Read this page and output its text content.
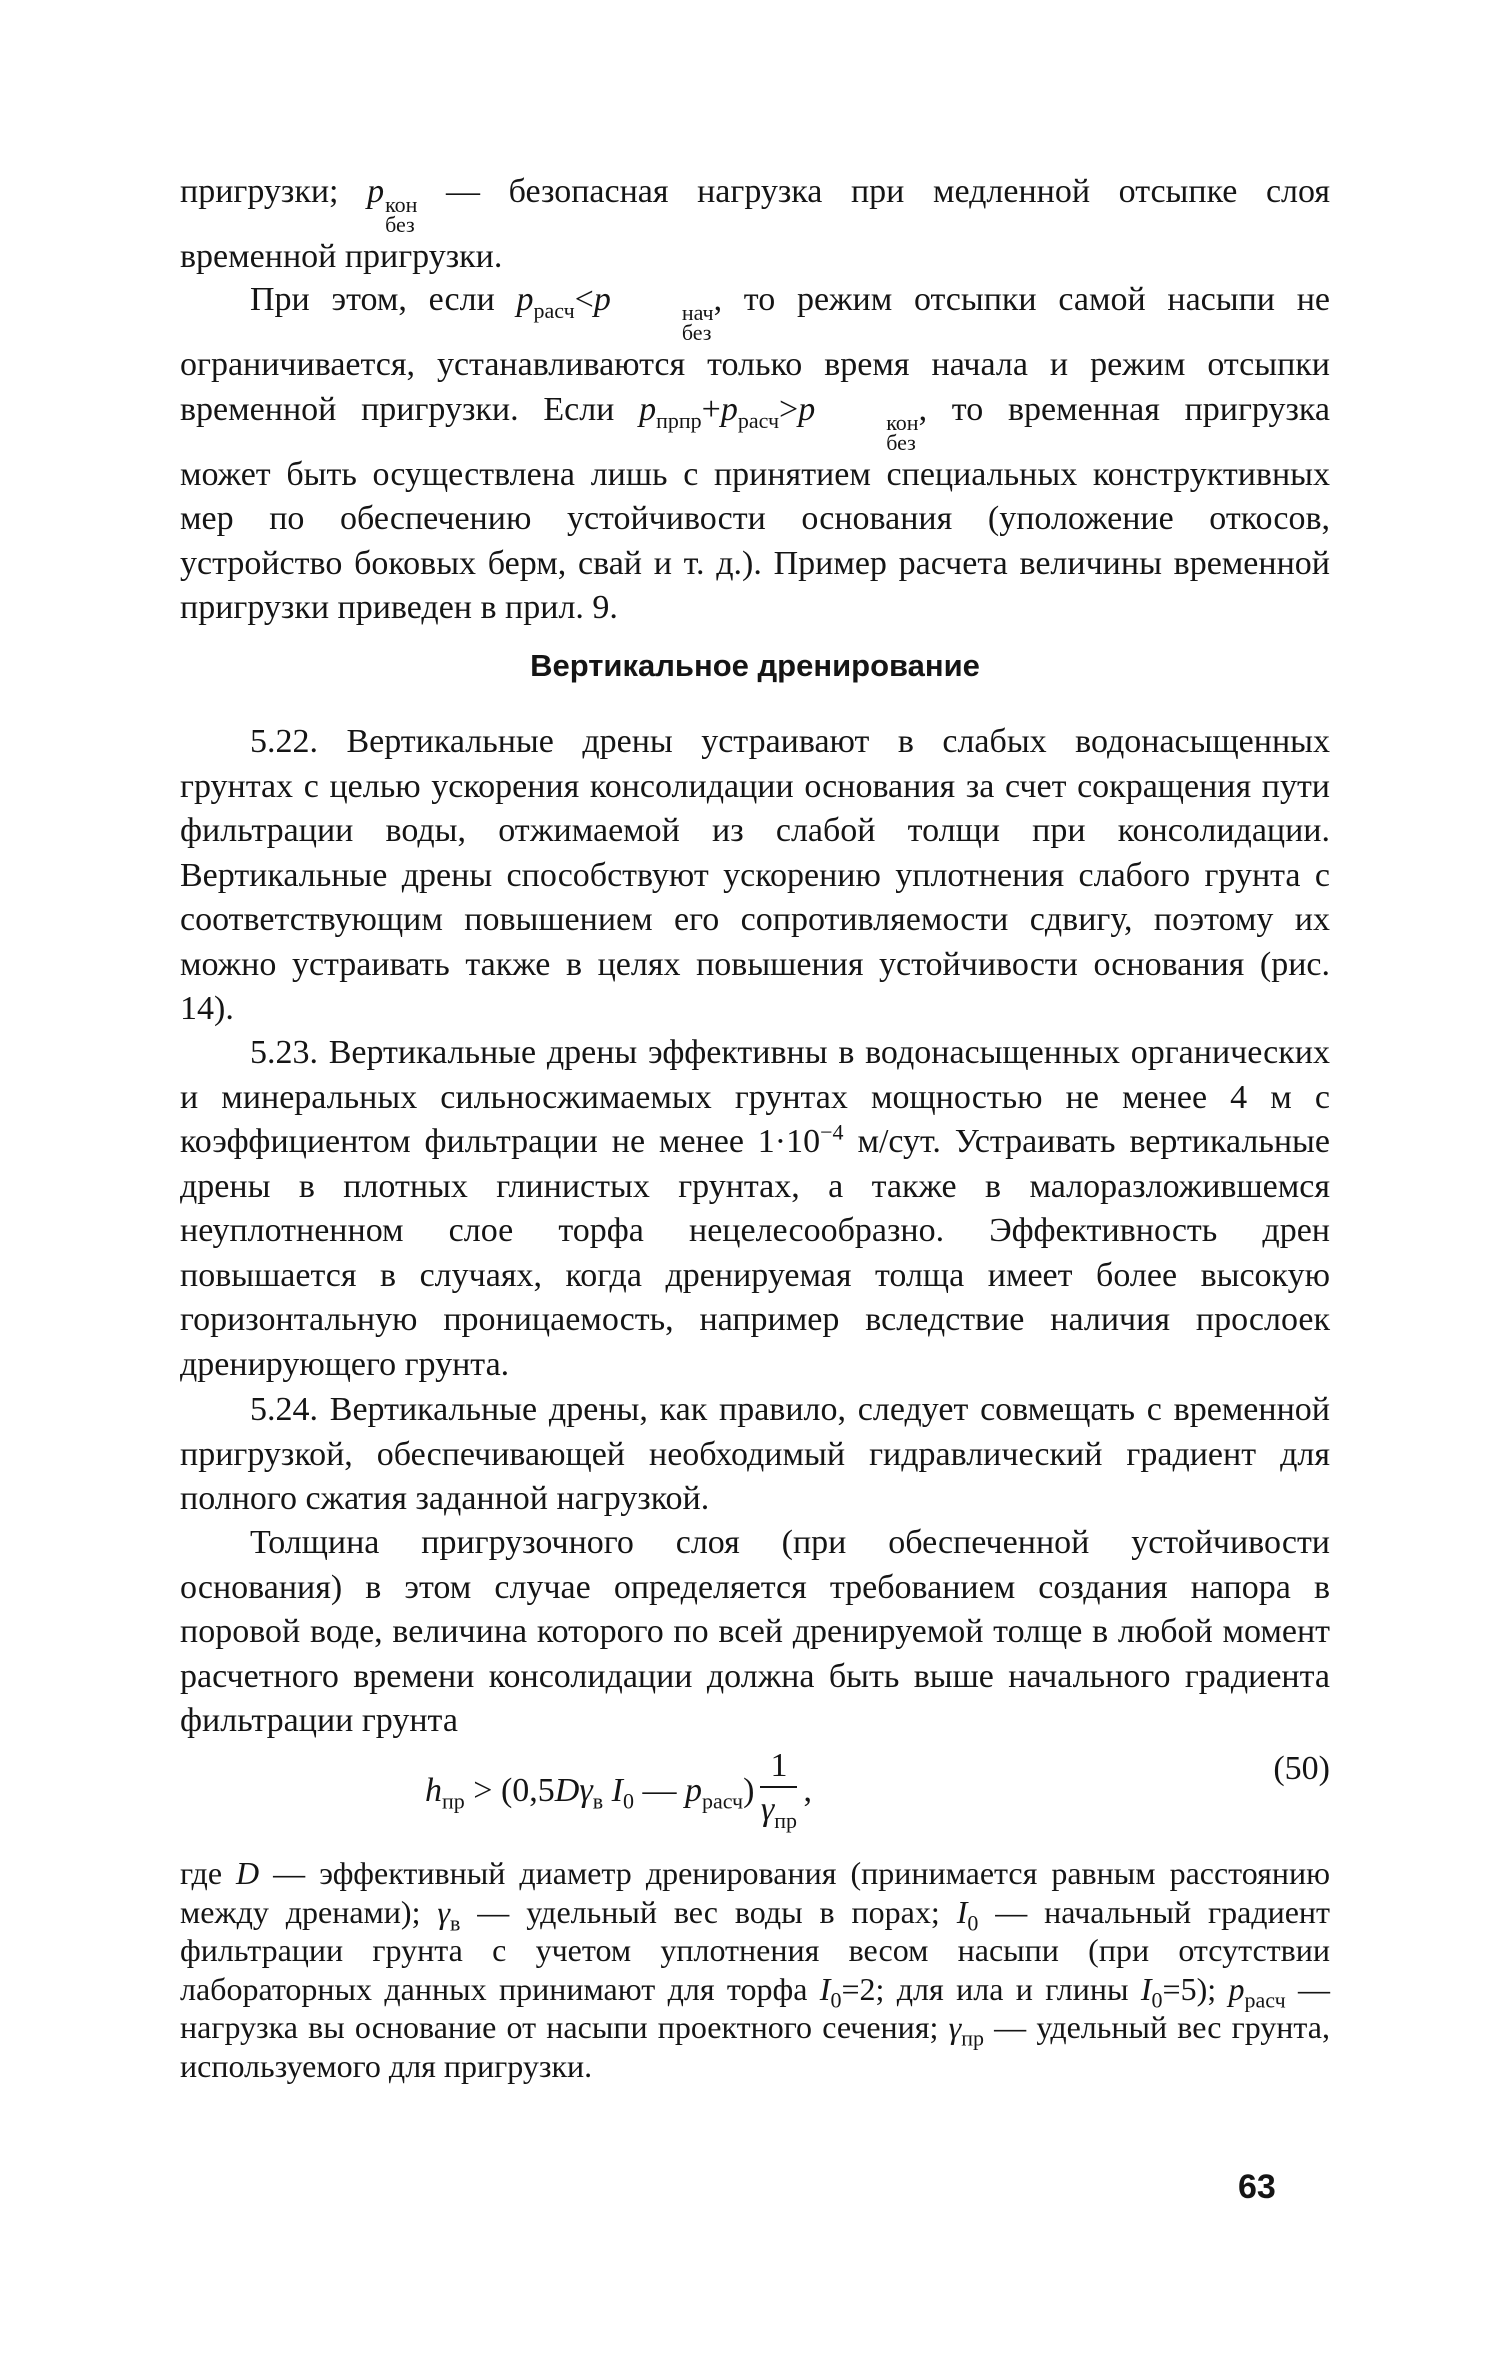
пригрузки; p кон
без
— безопасная нагрузка при медленной отсыпке слоя временной пригрузки.

При этом, если $p_{расч}<p$	нач
без
, то режим отсыпки самой насыпи не ограничивается, устанавливаются только время начала и режим отсыпки временной пригрузки. Если $p_{прпр}+p_{расч}>p$	кон
без
, то временная пригрузка может быть осуществлена лишь с принятием специальных конструктивных мер по обеспечению устойчивости основания (уположение откосов, устройство боковых берм, свай и т. д.). Пример расчета величины временной пригрузки приведен в прил. 9.

Вертикальное дренирование

5.22. Вертикальные дрены устраивают в слабых водонасыщенных грунтах с целью ускорения консолидации основания за счет сокращения пути фильтрации воды, отжимаемой из слабой толщи при консолидации. Вертикальные дрены способствуют ускорению уплотнения слабого грунта с соответствующим повышением его сопротивляемости сдвигу, поэтому их можно устраивать также в целях повышения устойчивости основания (рис. 14).

5.23. Вертикальные дрены эффективны в водонасыщенных органических и минеральных сильносжимаемых грунтах мощностью не менее 4 м с коэффициентом фильтрации не менее $1\cdot 10^{-4}$ м/сут. Устраивать вертикальные дрены в плотных глинистых грунтах, а также в малоразложившемся неуплотненном слое торфа нецелесообразно. Эффективность дрен повышается в случаях, когда дренируемая толща имеет более высокую горизонтальную проницаемость, например вследствие наличия прослоек дренирующего грунта.

5.24. Вертикальные дрены, как правило, следует совмещать с временной пригрузкой, обеспечивающей необходимый гидравлический градиент для полного сжатия заданной нагрузкой.

Толщина пригрузочного слоя (при обеспеченной устойчивости основания) в этом случае определяется требованием создания напора в поровой воде, величина которого по всей дренируемой толще в любой момент расчетного времени консолидации должна быть выше начального градиента фильтрации грунта

$h_{пр} > (0,5D\gamma_в$ $I_0$ — $p_{расч}) \frac{1}{\gamma_{пр}}$ ,
(50)

где D — эффективный диаметр дренирования (принимается равным расстоянию между дренами); $\gamma_в$ — удельный вес воды в порах; $I_0$ — начальный градиент фильтрации грунта с учетом уплотнения весом насыпи (при отсутствии лабораторных данных принимают для торфа $I_0=2$; для ила и глины $I_0=5$); $p_{расч}$ — нагрузка вы основание от насыпи проектного сечения; $\gamma_{пр}$ — удельный вес грунта, используемого для пригрузки.

63
